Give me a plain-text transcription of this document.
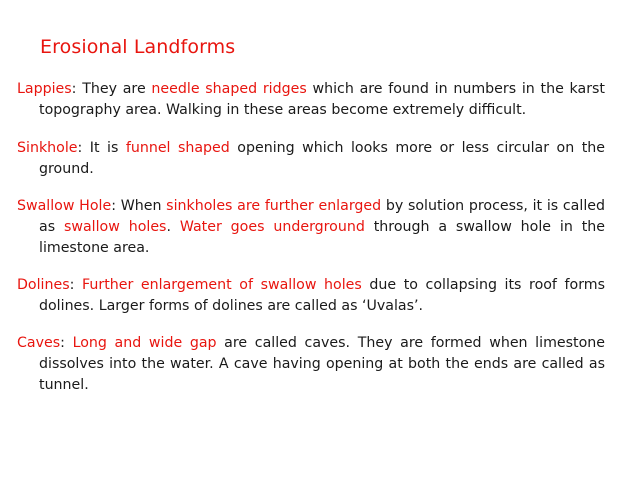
Erosional Landforms

Lappies: They are needle shaped ridges which are found in numbers in the karst topography area. Walking in these areas become extremely difficult.

Sinkhole: It is funnel shaped opening which looks more or less circular on the ground.

Swallow Hole: When sinkholes are further enlarged by solution process, it is called as swallow holes. Water goes underground through a swallow hole in the limestone area.

Dolines: Further enlargement of swallow holes due to collapsing its roof forms dolines. Larger forms of dolines are called as ‘Uvalas’.

Caves: Long and wide gap are called caves. They are formed when limestone dissolves into the water. A cave having opening at both the ends are called as tunnel.
